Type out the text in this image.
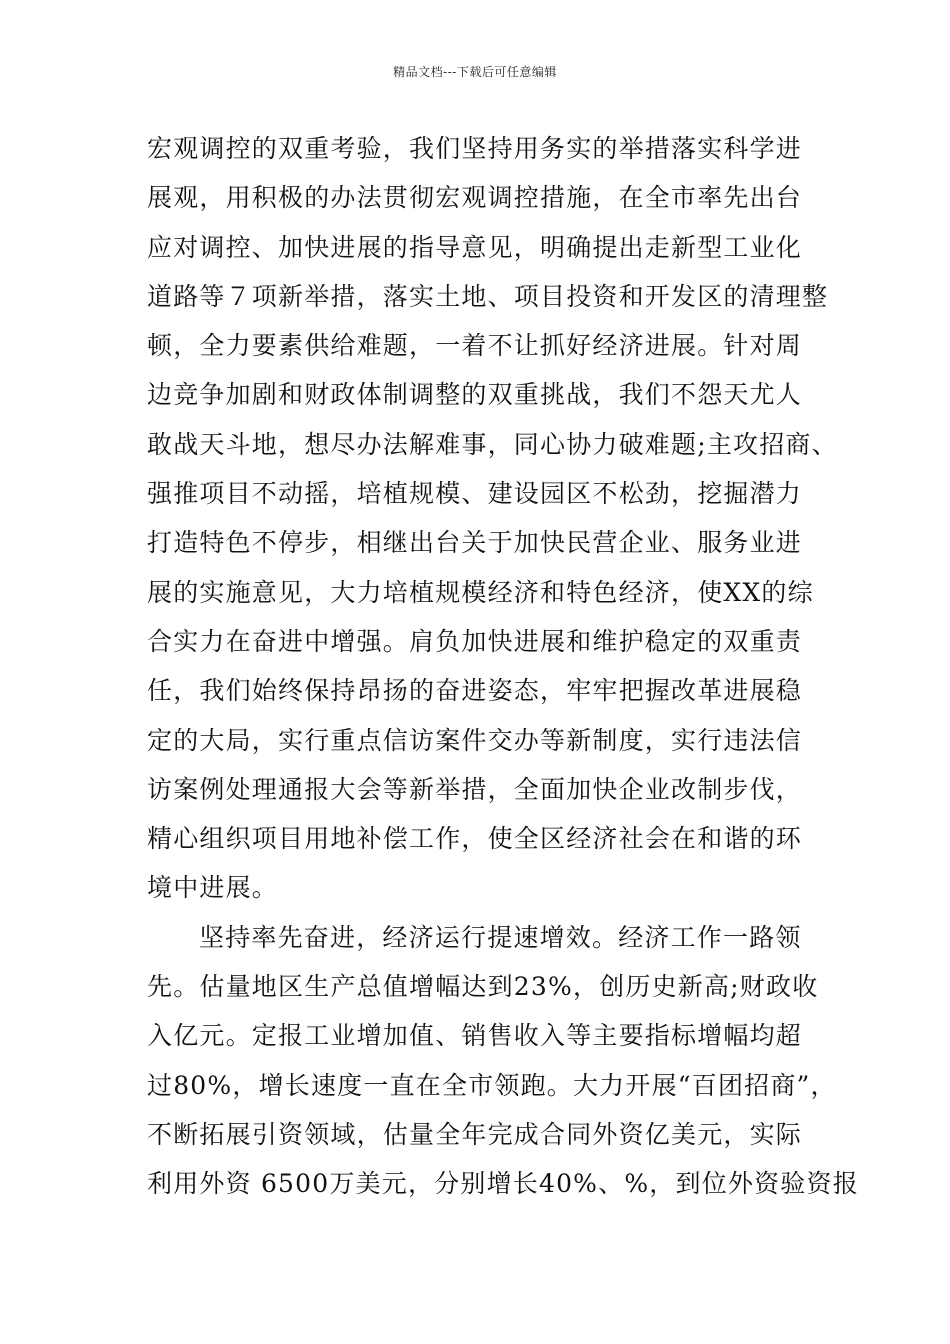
精品文档---下载后可任意编辑
宏观调控的双重考验，我们坚持用务实的举措落实科学进
展观，用积极的办法贯彻宏观调控措施，在全市率先出台
应对调控、加快进展的指导意见，明确提出走新型工业化
道路等７项新举措，落实土地、项目投资和开发区的清理整
顿，全力要素供给难题，一着不让抓好经济进展。针对周
边竞争加剧和财政体制调整的双重挑战，我们不怨天尤人
敢战天斗地，想尽办法解难事，同心协力破难题;主攻招商、
强推项目不动摇，培植规模、建设园区不松劲，挖掘潜力
打造特色不停步，相继出台关于加快民营企业、服务业进
展的实施意见，大力培植规模经济和特色经济，使XX的综
合实力在奋进中增强。肩负加快进展和维护稳定的双重责
任，我们始终保持昂扬的奋进姿态，牢牢把握改革进展稳
定的大局，实行重点信访案件交办等新制度，实行违法信
访案例处理通报大会等新举措，全面加快企业改制步伐，
精心组织项目用地补偿工作，使全区经济社会在和谐的环
境中进展。
坚持率先奋进，经济运行提速增效。经济工作一路领
先。估量地区生产总值增幅达到23%，创历史新高;财政收
入亿元。定报工业增加值、销售收入等主要指标增幅均超
过80%，增长速度一直在全市领跑。大力开展“百团招商”，
不断拓展引资领域，估量全年完成合同外资亿美元，实际
利用外资 6500万美元，分别增长40%、%，到位外资验资报
